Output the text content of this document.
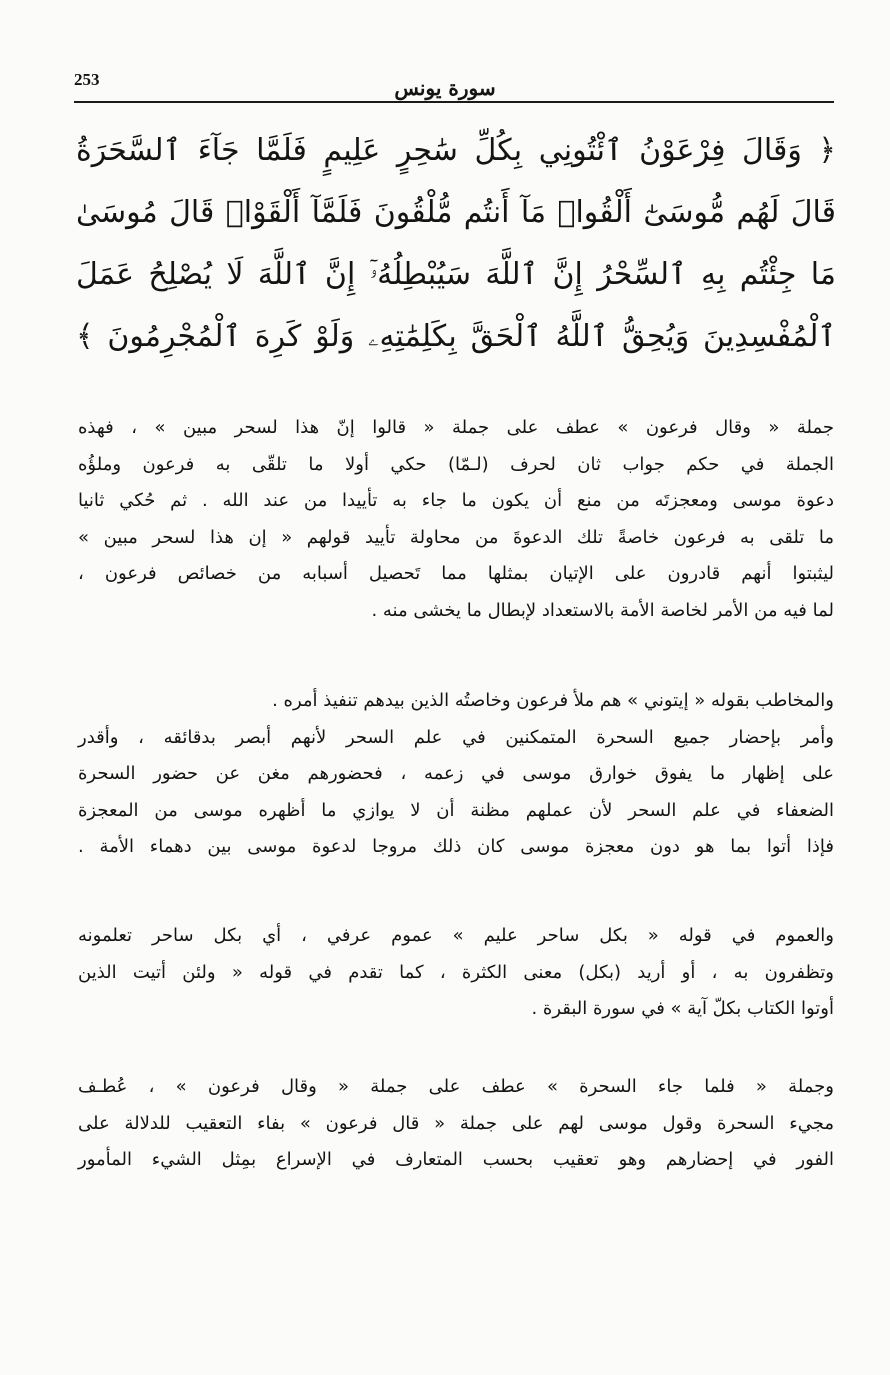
253	سورة يونس
﴿ وَقَالَ فِرْعَوْنُ ٱئْتُونِي بِكُلِّ سَٰحِرٍ عَلِيمٍ فَلَمَّا جَآءَ ٱلسَّحَرَةُ
قَالَ لَهُم مُّوسَىٰٓ أَلْقُوا۟ مَآ أَنتُم مُّلْقُونَ فَلَمَّآ أَلْقَوْا۟ قَالَ مُوسَىٰ
مَا جِئْتُم بِهِ ٱلسِّحْرُ إِنَّ ٱللَّهَ سَيُبْطِلُهُۥٓ إِنَّ ٱللَّهَ لَا يُصْلِحُ عَمَلَ
ٱلْمُفْسِدِينَ وَيُحِقُّ ٱللَّهُ ٱلْحَقَّ بِكَلِمَٰتِهِۦ وَلَوْ كَرِهَ ٱلْمُجْرِمُونَ ﴾

جملة « وقال فرعون » عطف على جملة « قالوا إنّ هذا لسحر مبين » ، فهذه
الجملة في حكم جواب ثان لحرف (لـمّا) حكي أولا ما تلقّى به فرعون وملؤُه
دعوة موسى ومعجزتَه من منع أن يكون ما جاء به تأييدا من عند الله . ثم حُكي ثانيا
ما تلقى به فرعون خاصةً تلك الدعوةَ من محاولة تأييد قولهم « إن هذا لسحر مبين »
ليثبتوا أنهم قادرون على الإتيان بمثلها مما تَحصيل أسبابه من خصائص فرعون ،
لما فيه من الأمر لخاصة الأمة بالاستعداد لإبطال ما يخشى منه .

والمخاطب بقوله « إيتوني » هم ملأ فرعون وخاصتُه الذين بيدهم تنفيذ أمره .
وأمر بإحضار جميع السحرة المتمكنين في علم السحر لأنهم أبصر بدقائقه ، وأقدر
على إظهار ما يفوق خوارق موسى في زعمه ، فحضورهم مغن عن حضور السحرة
الضعفاء في علم السحر لأن عملهم مظنة أن لا يوازي ما أظهره موسى من المعجزة
فإذا أتوا بما هو دون معجزة موسى كان ذلك مروجا لدعوة موسى بين دهماء الأمة .

والعموم في قوله « بكل ساحر عليم » عموم عرفي ، أي بكل ساحر تعلمونه
وتظفرون به ، أو أريد (بكل) معنى الكثرة ، كما تقدم في قوله « ولئن أتيت الذين
أوتوا الكتاب بكلّ آية » في سورة البقرة .

وجملة « فلما جاء السحرة » عطف على جملة « وقال فرعون » ، عُطـف
مجيء السحرة وقول موسى لهم على جملة « قال فرعون » بفاء التعقيب للدلالة على
الفور في إحضارهم وهو تعقيب بحسب المتعارف في الإسراع بمِثل الشيء المأمور
